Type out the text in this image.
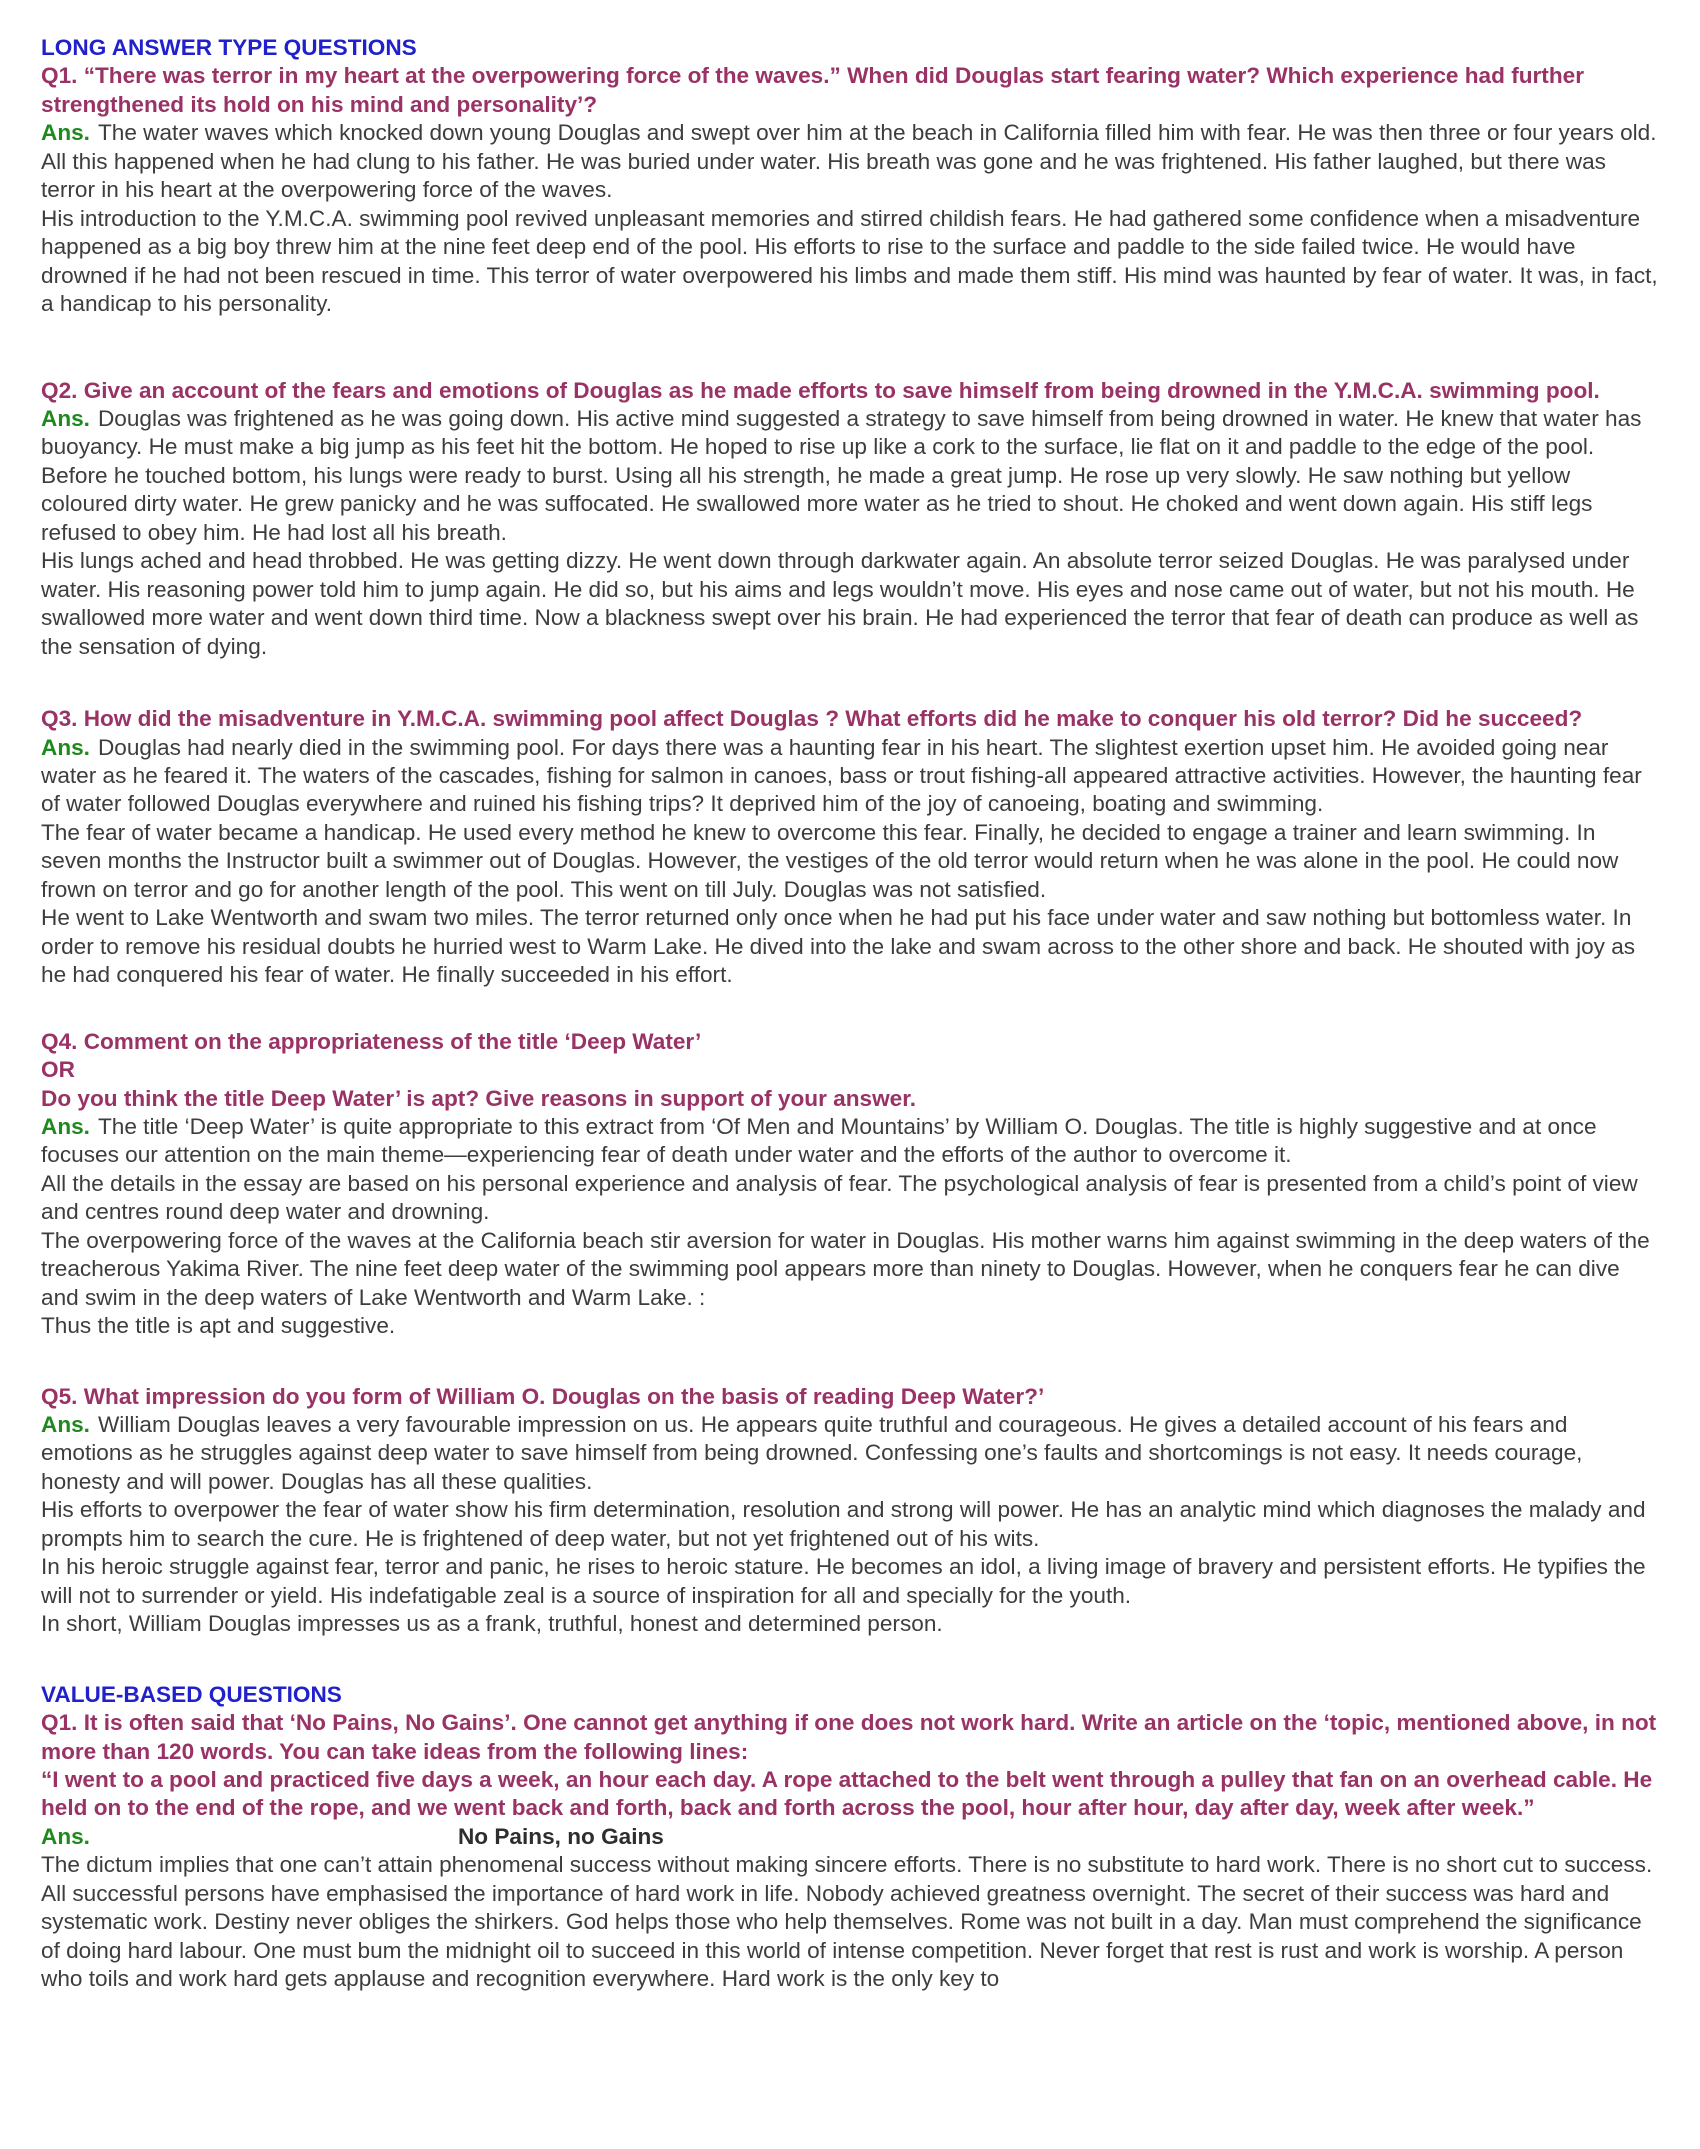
LONG ANSWER TYPE QUESTIONS

Q1. “There was terror in my heart at the overpowering force of the waves.” When did Douglas start fearing water? Which experience had further strengthened its hold on his mind and personality’?

Ans. The water waves which knocked down young Douglas and swept over him at the beach in California filled him with fear. He was then three or four years old. All this happened when he had clung to his father. He was buried under water. His breath was gone and he was frightened. His father laughed, but there was terror in his heart at the overpowering force of the waves.

His introduction to the Y.M.C.A. swimming pool revived unpleasant memories and stirred childish fears. He had gathered some confidence when a misadventure happened as a big boy threw him at the nine feet deep end of the pool. His efforts to rise to the surface and paddle to the side failed twice. He would have drowned if he had not been rescued in time. This terror of water overpowered his limbs and made them stiff. His mind was haunted by fear of water. It was, in fact, a handicap to his personality.

Q2. Give an account of the fears and emotions of Douglas as he made efforts to save himself from being drowned in the Y.M.C.A. swimming pool.

Ans. Douglas was frightened as he was going down. His active mind suggested a strategy to save himself from being drowned in water. He knew that water has buoyancy. He must make a big jump as his feet hit the bottom. He hoped to rise up like a cork to the surface, lie flat on it and paddle to the edge of the pool.

Before he touched bottom, his lungs were ready to burst. Using all his strength, he made a great jump. He rose up very slowly. He saw nothing but yellow coloured dirty water. He grew panicky and he was suffocated. He swallowed more water as he tried to shout. He choked and went down again. His stiff legs refused to obey him. He had lost all his breath.

His lungs ached and head throbbed. He was getting dizzy. He went down through darkwater again. An absolute terror seized Douglas. He was paralysed under water. His reasoning power told him to jump again. He did so, but his aims and legs wouldn’t move. His eyes and nose came out of water, but not his mouth. He swallowed more water and went down third time. Now a blackness swept over his brain. He had experienced the terror that fear of death can produce as well as the sensation of dying.

Q3. How did the misadventure in Y.M.C.A. swimming pool affect Douglas ? What efforts did he make to conquer his old terror? Did he succeed?

Ans. Douglas had nearly died in the swimming pool. For days there was a haunting fear in his heart. The slightest exertion upset him. He avoided going near water as he feared it. The waters of the cascades, fishing for salmon in canoes, bass or trout fishing-all appeared attractive activities. However, the haunting fear of water followed Douglas everywhere and ruined his fishing trips? It deprived him of the joy of canoeing, boating and swimming.

The fear of water became a handicap. He used every method he knew to overcome this fear. Finally, he decided to engage a trainer and learn swimming. In seven months the Instructor built a swimmer out of Douglas. However, the vestiges of the old terror would return when he was alone in the pool. He could now frown on terror and go for another length of the pool. This went on till July. Douglas was not satisfied.

He went to Lake Wentworth and swam two miles. The terror returned only once when he had put his face under water and saw nothing but bottomless water. In order to remove his residual doubts he hurried west to Warm Lake. He dived into the lake and swam across to the other shore and back. He shouted with joy as he had conquered his fear of water. He finally succeeded in his effort.

Q4. Comment on the appropriateness of the title ‘Deep Water’

OR

Do you think the title Deep Water’ is apt? Give reasons in support of your answer.

Ans. The title ‘Deep Water’ is quite appropriate to this extract from ‘Of Men and Mountains’ by William O. Douglas. The title is highly suggestive and at once focuses our attention on the main theme—experiencing fear of death under water and the efforts of the author to overcome it.

All the details in the essay are based on his personal experience and analysis of fear. The psychological analysis of fear is presented from a child’s point of view and centres round deep water and drowning.

The overpowering force of the waves at the California beach stir aversion for water in Douglas. His mother warns him against swimming in the deep waters of the treacherous Yakima River. The nine feet deep water of the swimming pool appears more than ninety to Douglas. However, when he conquers fear he can dive and swim in the deep waters of Lake Wentworth and Warm Lake. :

Thus the title is apt and suggestive.

Q5. What impression do you form of William O. Douglas on the basis of reading Deep Water?’

Ans. William Douglas leaves a very favourable impression on us. He appears quite truthful and courageous. He gives a detailed account of his fears and emotions as he struggles against deep water to save himself from being drowned. Confessing one’s faults and shortcomings is not easy. It needs courage, honesty and will power. Douglas has all these qualities.

His efforts to overpower the fear of water show his firm determination, resolution and strong will power. He has an analytic mind which diagnoses the malady and prompts him to search the cure. He is frightened of deep water, but not yet frightened out of his wits.

In his heroic struggle against fear, terror and panic, he rises to heroic stature. He becomes an idol, a living image of bravery and persistent efforts. He typifies the will not to surrender or yield. His indefatigable zeal is a source of inspiration for all and specially for the youth.

In short, William Douglas impresses us as a frank, truthful, honest and determined person.

VALUE-BASED QUESTIONS

Q1. It is often said that ‘No Pains, No Gains’. One cannot get anything if one does not work hard. Write an article on the ‘topic, mentioned above, in not more than 120 words. You can take ideas from the following lines:

“I went to a pool and practiced five days a week, an hour each day. A rope attached to the belt went through a pulley that fan on an overhead cable. He held on to the end of the rope, and we went back and forth, back and forth across the pool, hour after hour, day after day, week after week.”

Ans.	No Pains, no Gains

The dictum implies that one can’t attain phenomenal success without making sincere efforts. There is no substitute to hard work. There is no short cut to success. All successful persons have emphasised the importance of hard work in life. Nobody achieved greatness overnight. The secret of their success was hard and systematic work. Destiny never obliges the shirkers. God helps those who help themselves. Rome was not built in a day. Man must comprehend the significance of doing hard labour. One must bum the midnight oil to succeed in this world of intense competition. Never forget that rest is rust and work is worship. A person who toils and work hard gets applause and recognition everywhere. Hard work is the only key to
